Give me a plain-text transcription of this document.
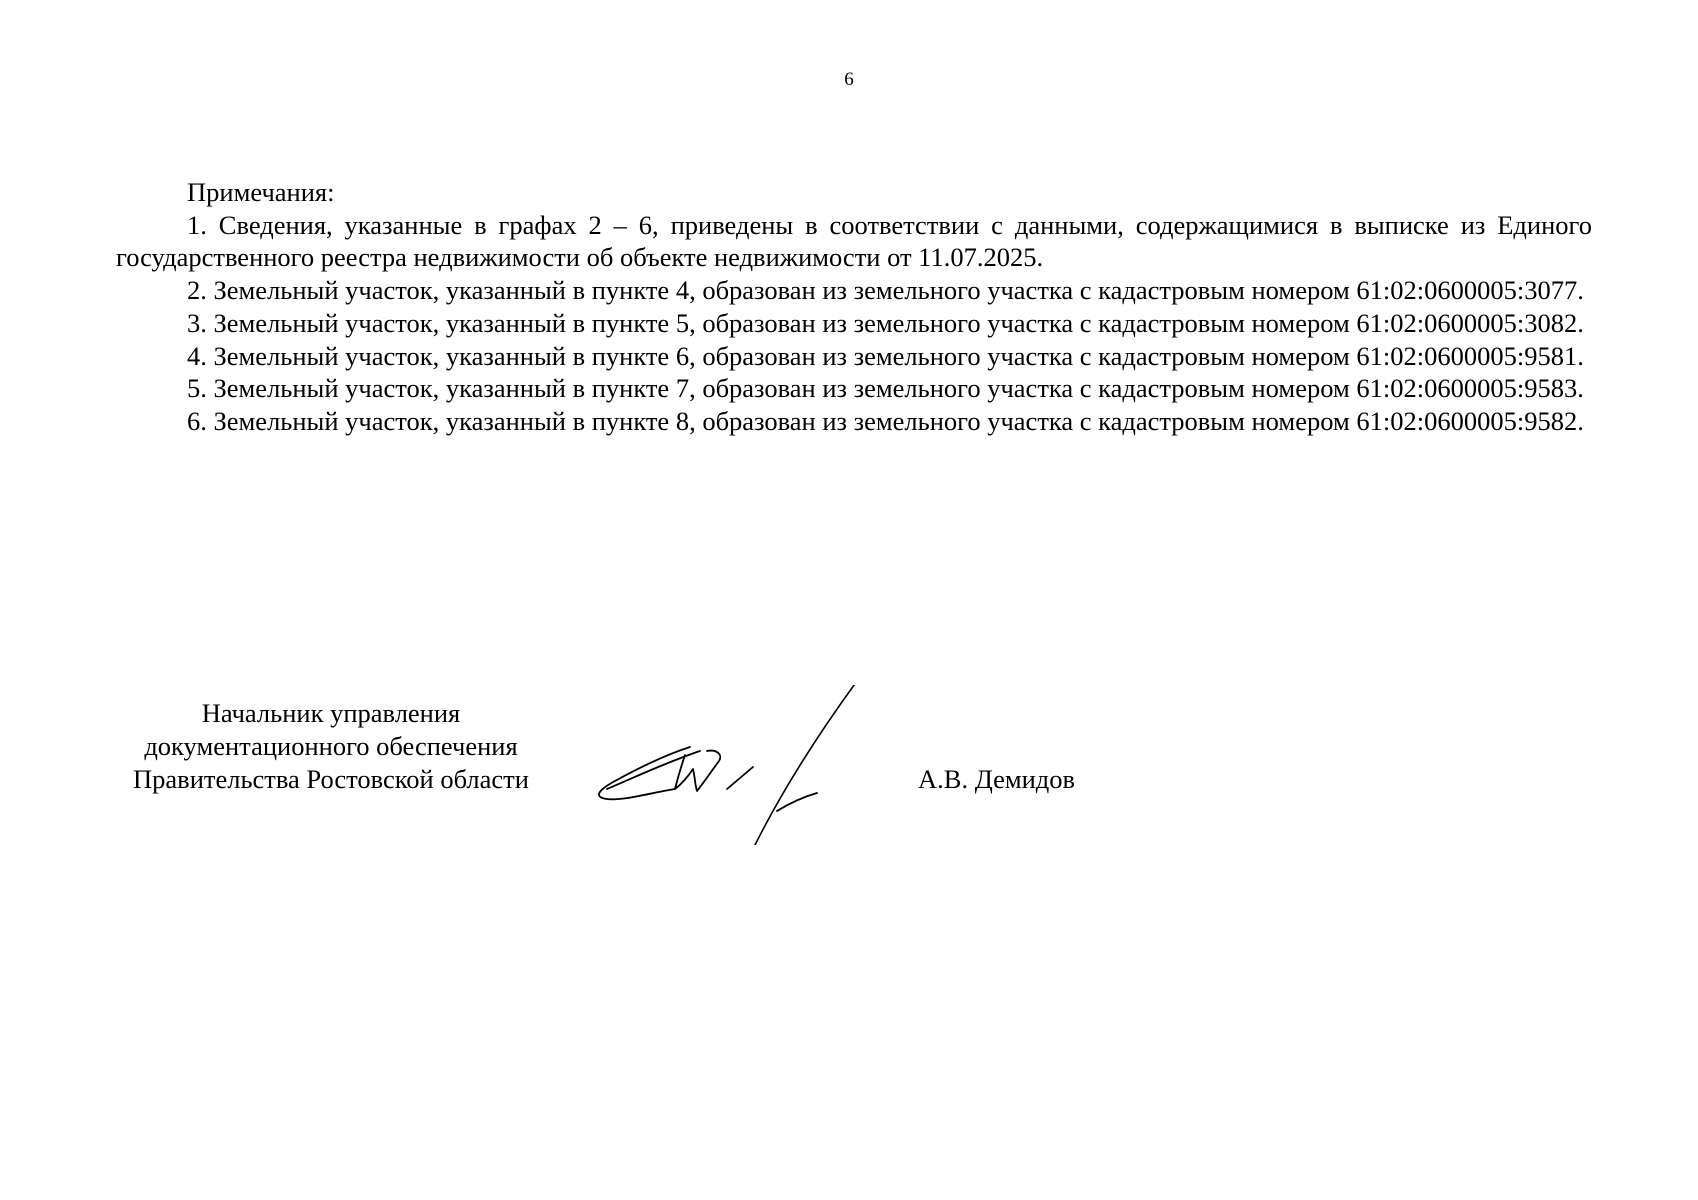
6

Примечания:

1. Сведения, указанные в графах 2 – 6, приведены в соответствии с данными, содержащимися в выписке из Единого государственного реестра недвижимости об объекте недвижимости от 11.07.2025.

2. Земельный участок, указанный в пункте 4, образован из земельного участка с кадастровым номером 61:02:0600005:3077.

3. Земельный участок, указанный в пункте 5, образован из земельного участка с кадастровым номером 61:02:0600005:3082.

4. Земельный участок, указанный в пункте 6, образован из земельного участка с кадастровым номером 61:02:0600005:9581.

5. Земельный участок, указанный в пункте 7, образован из земельного участка с кадастровым номером 61:02:0600005:9583.

6. Земельный участок, указанный в пункте 8, образован из земельного участка с кадастровым номером 61:02:0600005:9582.

Начальник управления
документационного обеспечения
Правительства Ростовской области	А.В. Демидов
